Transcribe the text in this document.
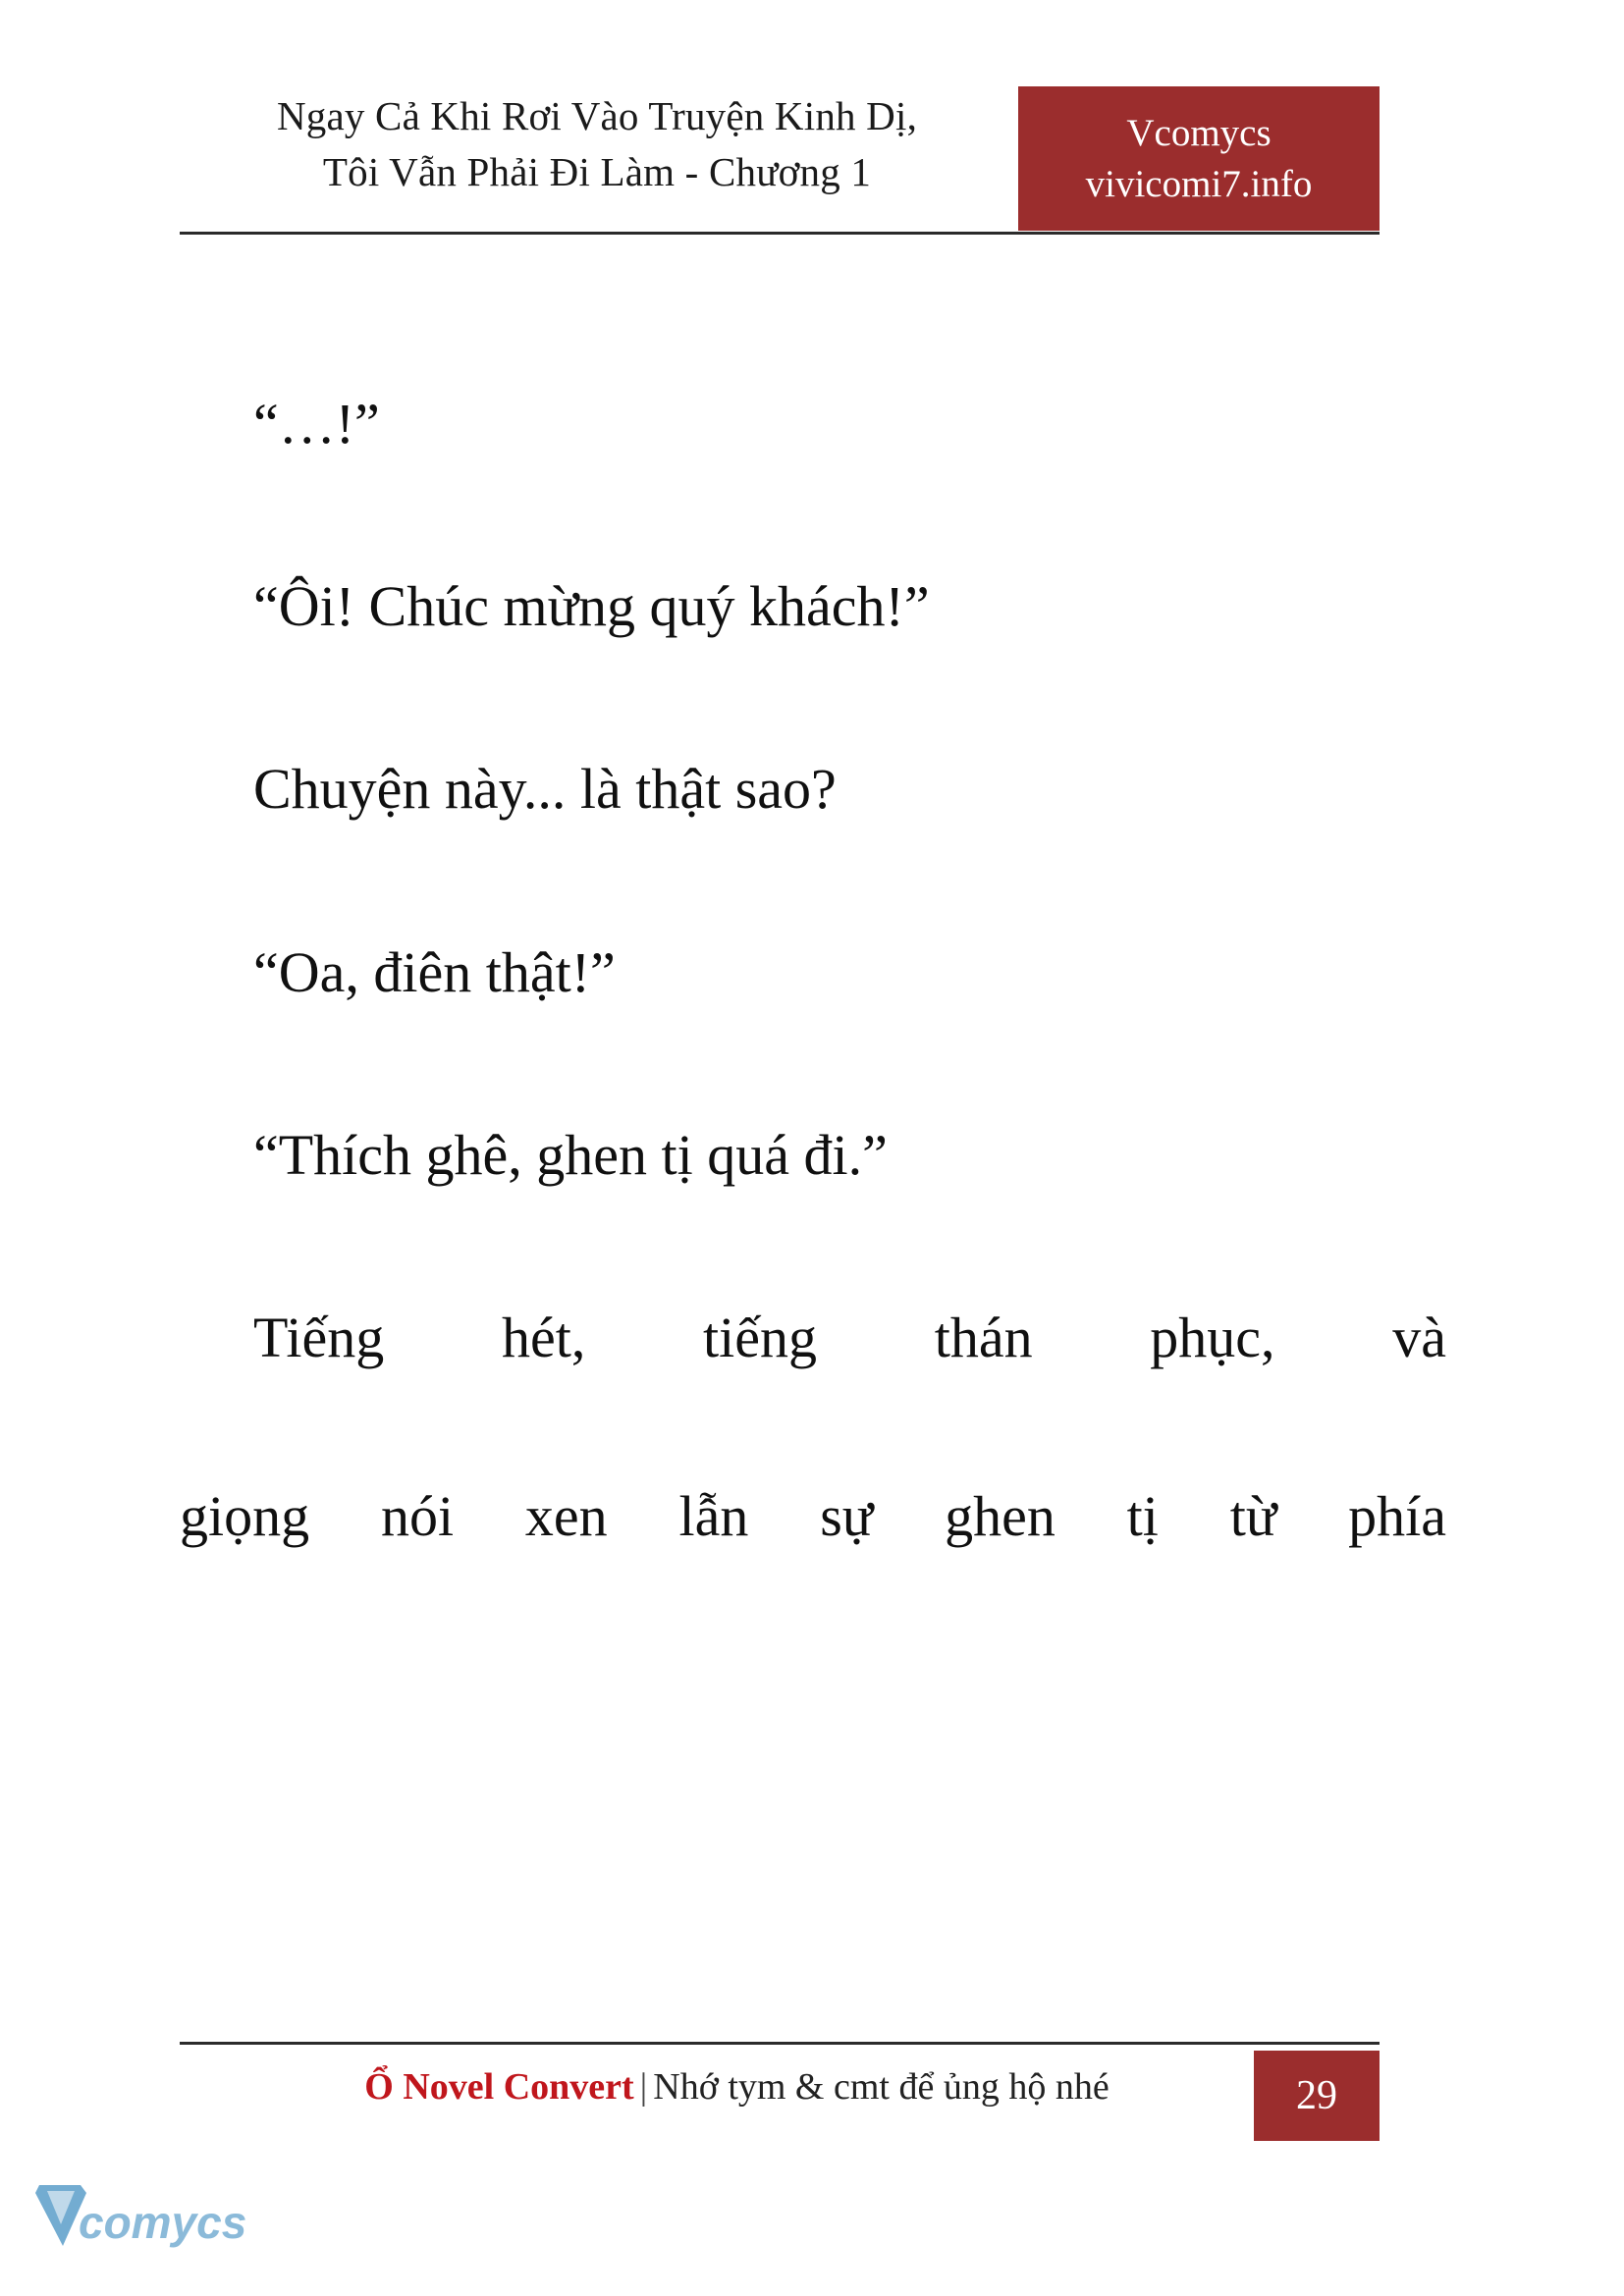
Ngay Cả Khi Rơi Vào Truyện Kinh Dị,
Tôi Vẫn Phải Đi Làm - Chương 1
Vcomycs
vivicomi7.info

“…!”

“Ôi! Chúc mừng quý khách!”

Chuyện này... là thật sao?

“Oa, điên thật!”

“Thích ghê, ghen tị quá đi.”

Tiếng hét, tiếng thán phục, và

giọng nói xen lẫn sự ghen tị từ phía

Ổ Novel Convert | Nhớ tym & cmt để ủng hộ nhé	29
comycs
